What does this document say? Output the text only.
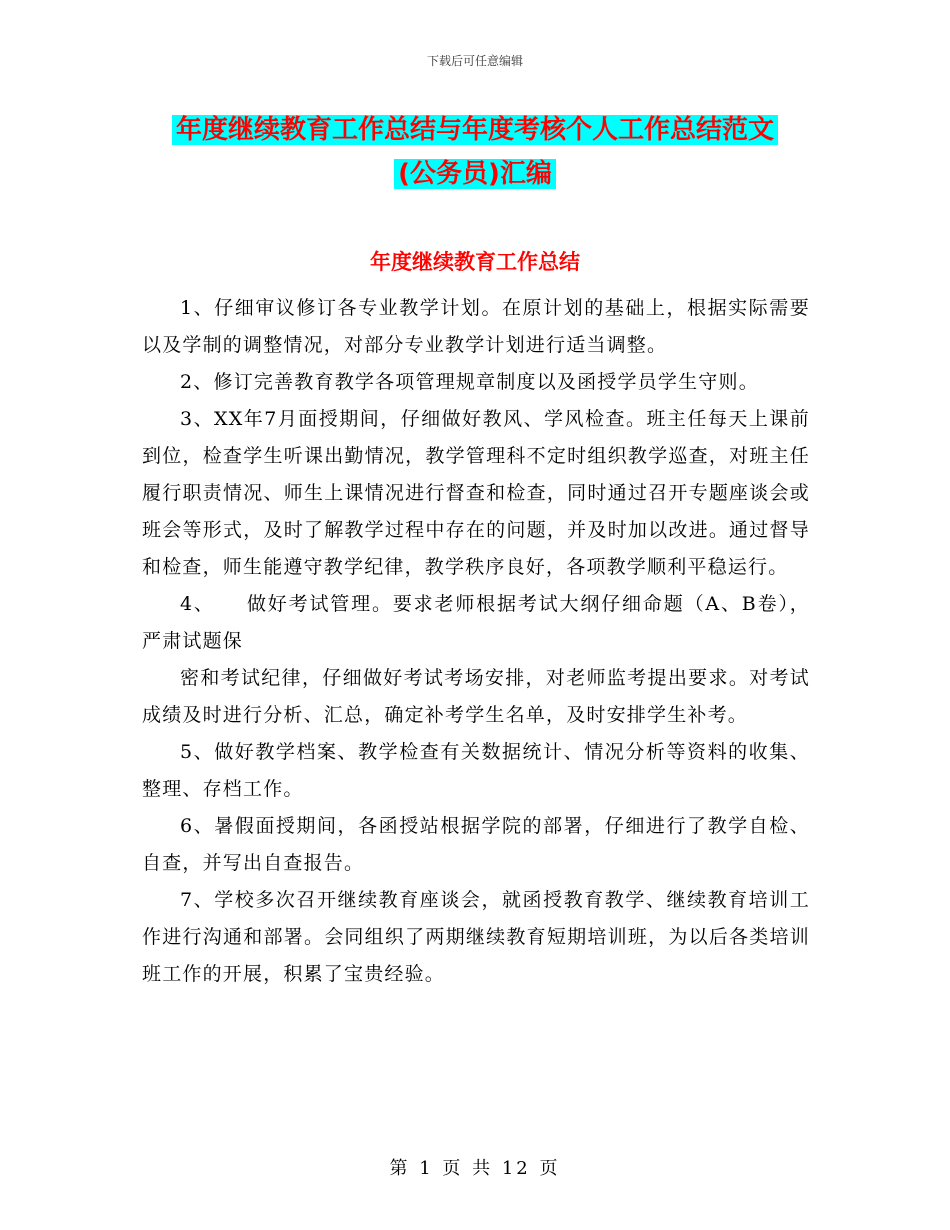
下载后可任意编辑
年度继续教育工作总结与年度考核个人工作总结范文
(公务员)汇编
年度继续教育工作总结

1、仔细审议修订各专业教学计划。在原计划的基础上，根据实际需要以及学制的调整情况，对部分专业教学计划进行适当调整。

2、修订完善教育教学各项管理规章制度以及函授学员学生守则。

3、XX年7月面授期间，仔细做好教风、学风检查。班主任每天上课前到位，检查学生听课出勤情况，教学管理科不定时组织教学巡查，对班主任履行职责情况、师生上课情况进行督查和检查，同时通过召开专题座谈会或班会等形式，及时了解教学过程中存在的问题，并及时加以改进。通过督导和检查，师生能遵守教学纪律，教学秩序良好，各项教学顺利平稳运行。

4、　　做好考试管理。要求老师根据考试大纲仔细命题（A、B卷），严肃试题保

密和考试纪律，仔细做好考试考场安排，对老师监考提出要求。对考试成绩及时进行分析、汇总，确定补考学生名单，及时安排学生补考。

5、做好教学档案、教学检查有关数据统计、情况分析等资料的收集、整理、存档工作。

6、暑假面授期间，各函授站根据学院的部署，仔细进行了教学自检、自查，并写出自查报告。

7、学校多次召开继续教育座谈会，就函授教育教学、继续教育培训工作进行沟通和部署。会同组织了两期继续教育短期培训班，为以后各类培训班工作的开展，积累了宝贵经验。

第 1 页 共 12 页
